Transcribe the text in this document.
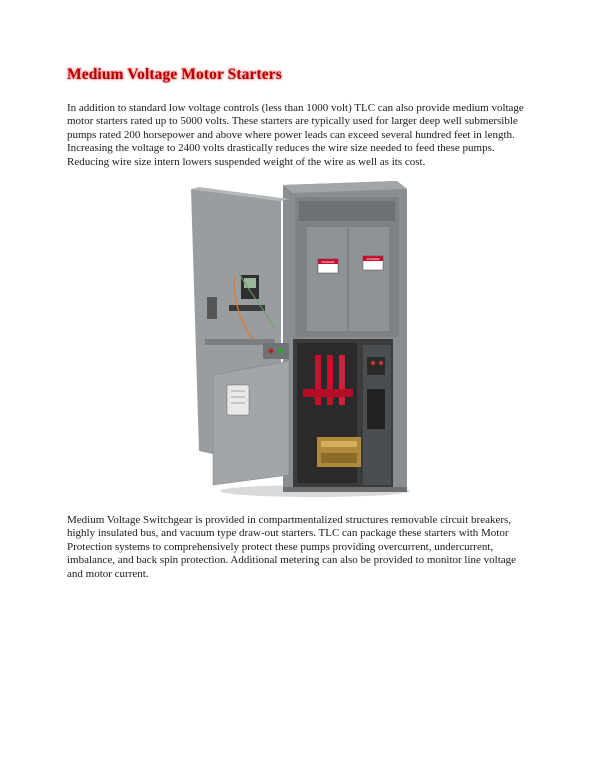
Medium Voltage Motor Starters
In addition to standard low voltage controls (less than 1000 volt) TLC can also provide medium voltage motor starters rated up to 5000 volts. These starters are typically used for larger deep well submersible pumps rated 200 horsepower and above where power leads can exceed several hundred feet in length. Increasing the voltage to 2400 volts drastically reduces the wire size needed to feed these pumps. Reducing wire size intern lowers suspended weight of the wire as well as its cost.
DANGER
DANGER
Medium Voltage Switchgear is provided in compartmentalized structures removable circuit breakers, highly insulated bus, and vacuum type draw-out starters. TLC can package these starters with Motor Protection systems to comprehensively protect these pumps providing overcurrent, undercurrent, imbalance, and back spin protection. Additional metering can also be provided to monitor line voltage and motor current.
